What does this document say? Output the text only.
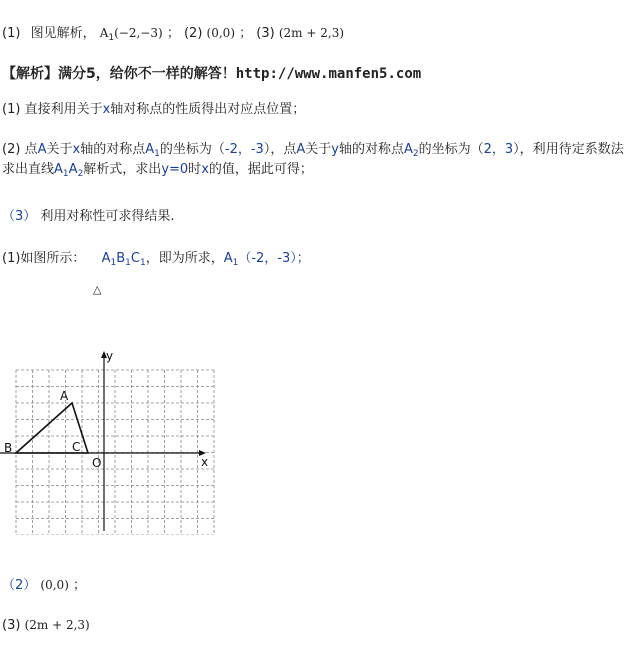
(1) 图见解析， $A_1(-2,-3)$ ； (2) (0,0) ； (3) (2m + 2,3)
【解析】满分5，给你不一样的解答！http://www.manfen5.com
(1) 直接利用关于x轴对称点的性质得出对应点位置；
(2) 点A关于x轴的对称点$A_1$的坐标为（-2，-3），点A关于y轴的对称点$A_2$的坐标为（2，3），利用待定系数法求出直线$A_1A_2$解析式，求出y=0时x的值，据此可得；
（3） 利用对称性可求得结果.
(1)如图所示： $A_1B_1C_1$，即为所求，$A_1(-2$，-3）；
△
y
x
O
A
B	C
（2） (0,0) ；
(3) (2m + 2,3)
